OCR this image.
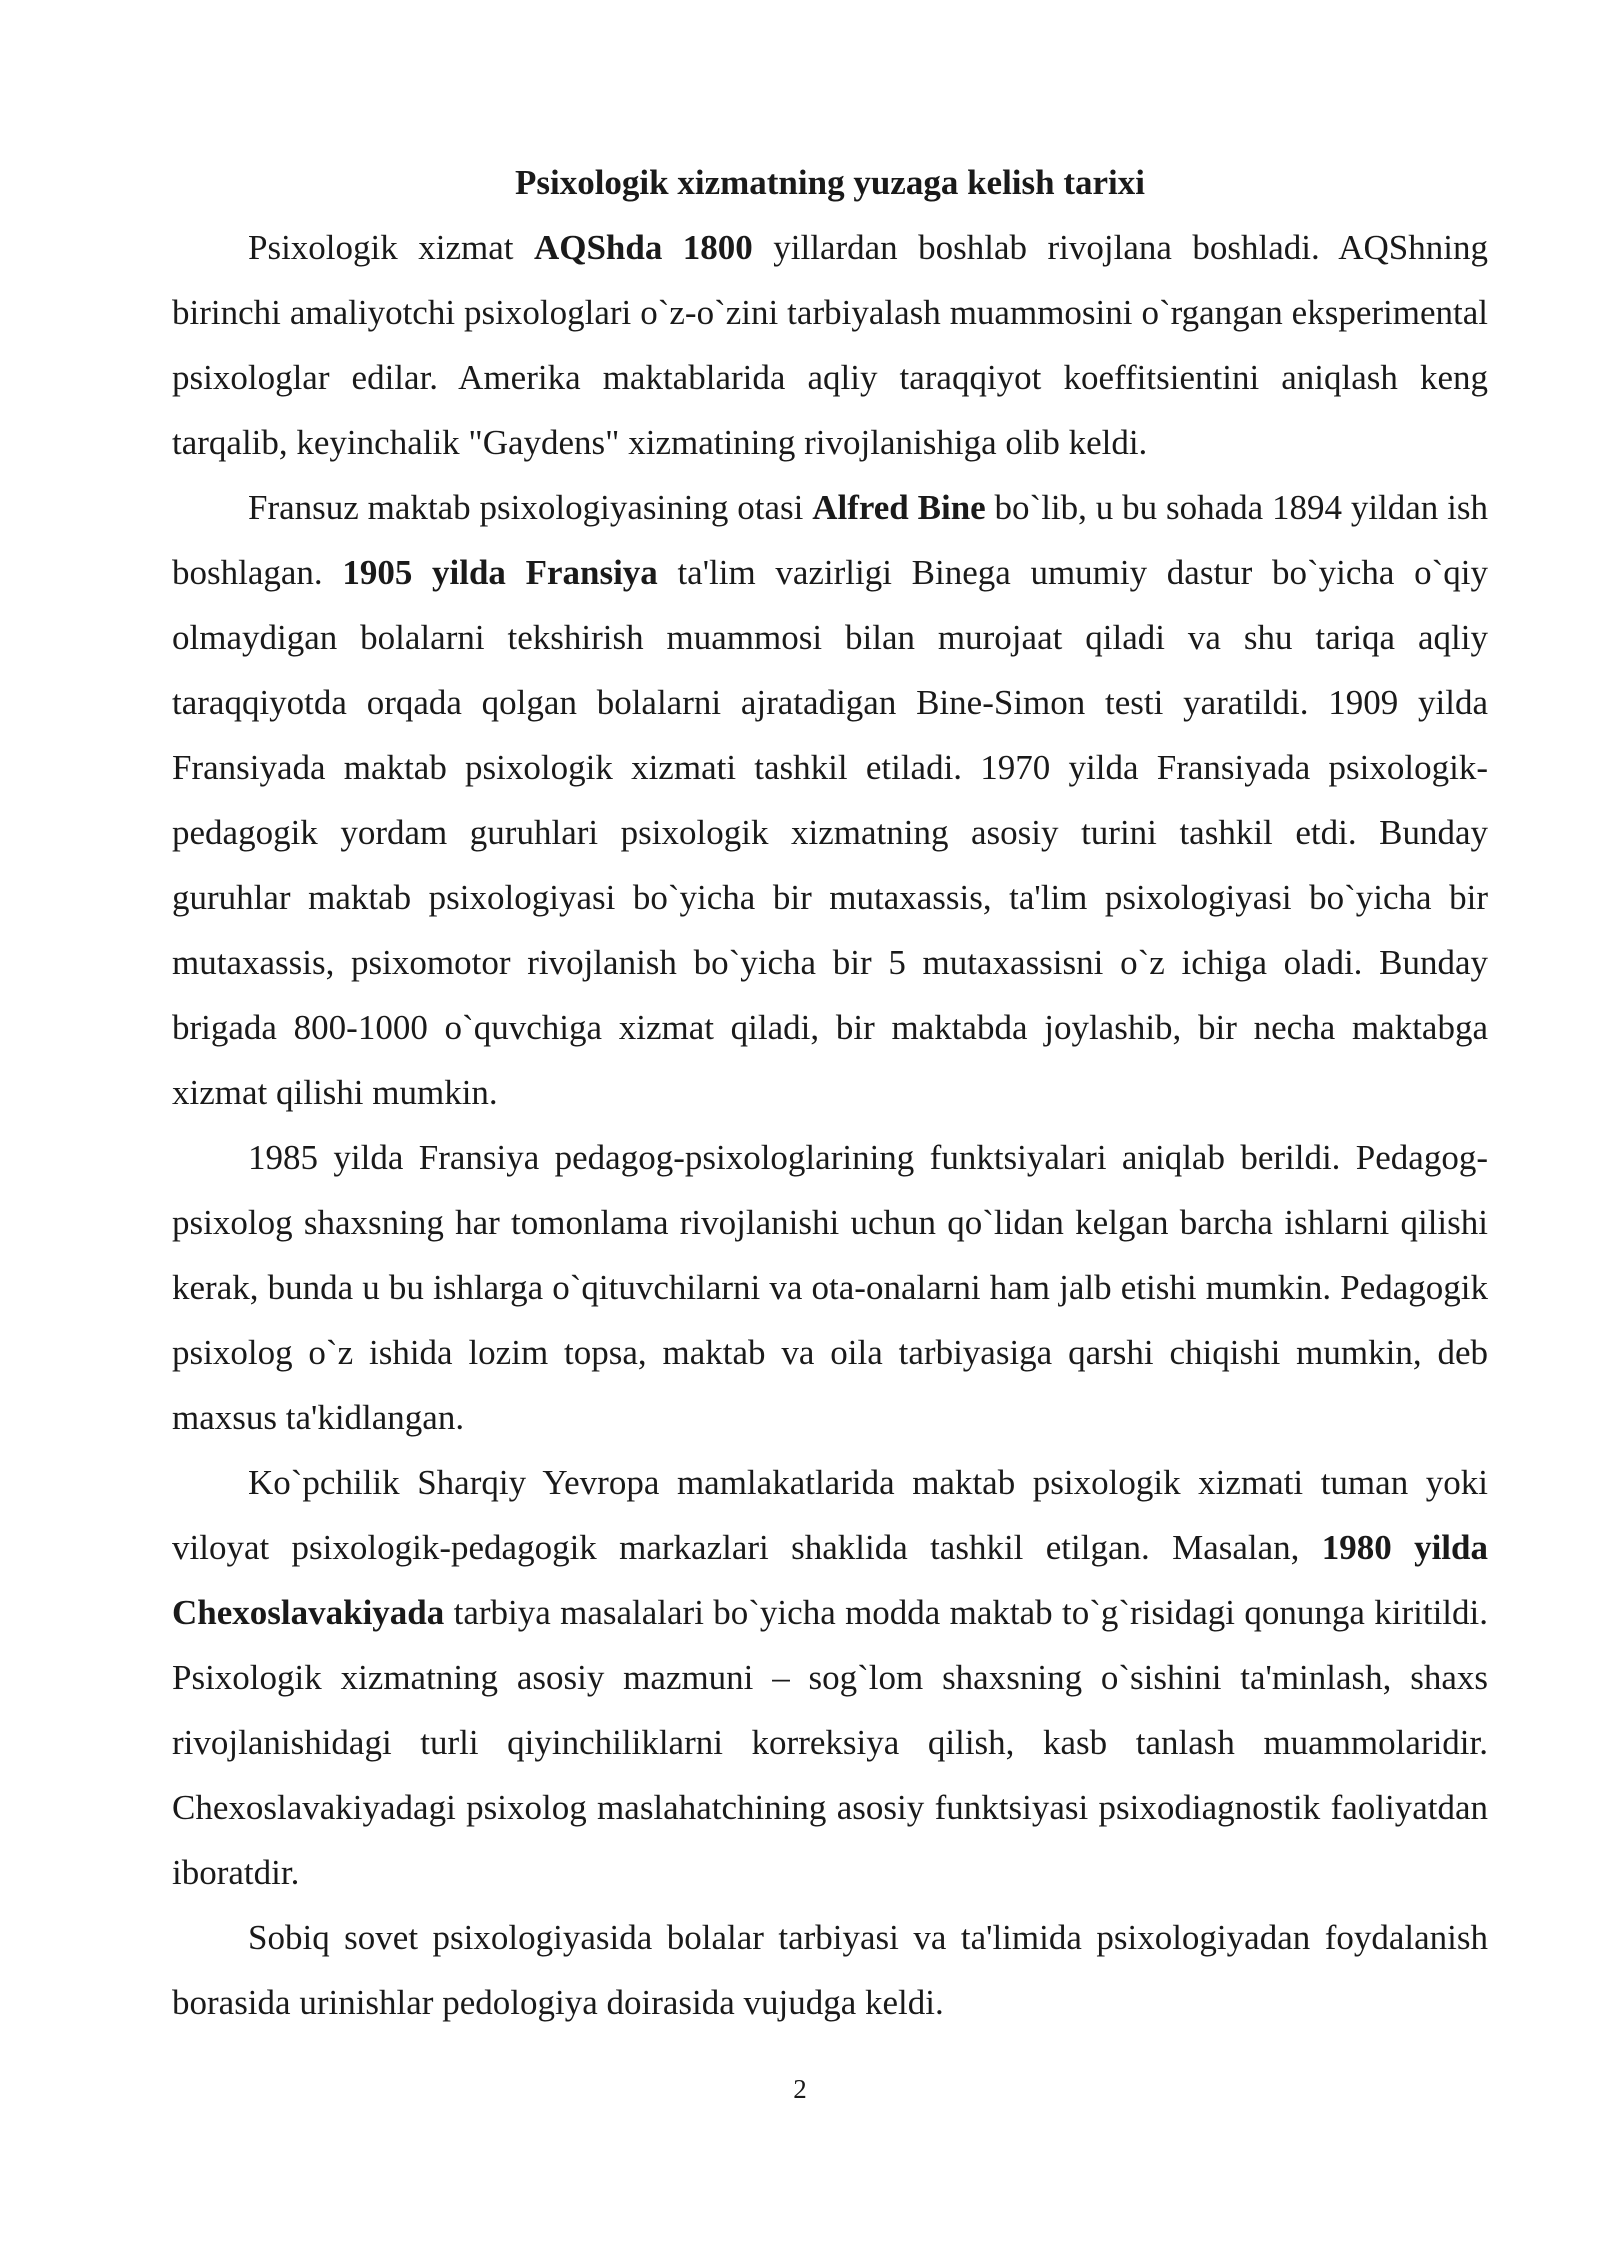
Psixologik xizmatning yuzaga kelish tarixi

Psixologik xizmat AQShda 1800 yillardan boshlab rivojlana boshladi. AQShning birinchi amaliyotchi psixologlari o`z-o`zini tarbiyalash muammosini o`rgangan eksperimental psixologlar edilar. Amerika maktablarida aqliy taraqqiyot koeffitsientini aniqlash keng tarqalib, keyinchalik "Gaydens" xizmatining rivojlanishiga olib keldi.

Fransuz maktab psixologiyasining otasi Alfred Bine bo`lib, u bu sohada 1894 yildan ish boshlagan. 1905 yilda Fransiya ta'lim vazirligi Binega umumiy dastur bo`yicha o`qiy olmaydigan bolalarni tekshirish muammosi bilan murojaat qiladi va shu tariqa aqliy taraqqiyotda orqada qolgan bolalarni ajratadigan Bine-Simon testi yaratildi. 1909 yilda Fransiyada maktab psixologik xizmati tashkil etiladi. 1970 yilda Fransiyada psixologik-pedagogik yordam guruhlari psixologik xizmatning asosiy turini tashkil etdi. Bunday guruhlar maktab psixologiyasi bo`yicha bir mutaxassis, ta'lim psixologiyasi bo`yicha bir mutaxassis, psixomotor rivojlanish bo`yicha bir 5 mutaxassisni o`z ichiga oladi. Bunday brigada 800-1000 o`quvchiga xizmat qiladi, bir maktabda joylashib, bir necha maktabga xizmat qilishi mumkin.

1985 yilda Fransiya pedagog-psixologlarining funktsiyalari aniqlab berildi. Pedagog-psixolog shaxsning har tomonlama rivojlanishi uchun qo`lidan kelgan barcha ishlarni qilishi kerak, bunda u bu ishlarga o`qituvchilarni va ota-onalarni ham jalb etishi mumkin. Pedagogik psixolog o`z ishida lozim topsa, maktab va oila tarbiyasiga qarshi chiqishi mumkin, deb maxsus ta'kidlangan.

Ko`pchilik Sharqiy Yevropa mamlakatlarida maktab psixologik xizmati tuman yoki viloyat psixologik-pedagogik markazlari shaklida tashkil etilgan. Masalan, 1980 yilda Chexoslavakiyada tarbiya masalalari bo`yicha modda maktab to`g`risidagi qonunga kiritildi. Psixologik xizmatning asosiy mazmuni – sog`lom shaxsning o`sishini ta'minlash, shaxs rivojlanishidagi turli qiyinchiliklarni korreksiya qilish, kasb tanlash muammolaridir. Chexoslavakiyadagi psixolog maslahatchining asosiy funktsiyasi psixodiagnostik faoliyatdan iboratdir.

Sobiq sovet psixologiyasida bolalar tarbiyasi va ta'limida psixologiyadan foydalanish borasida urinishlar pedologiya doirasida vujudga keldi.

2
